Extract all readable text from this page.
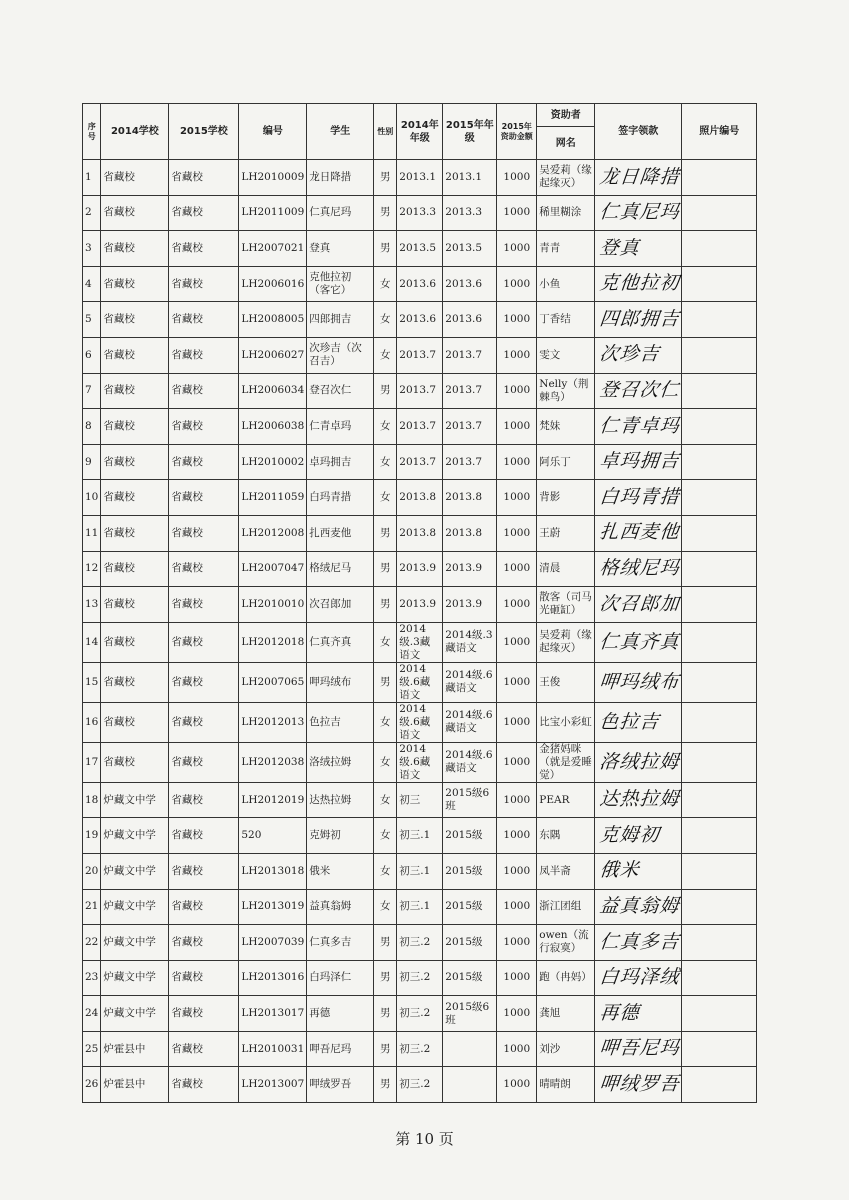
序号	2014学校	2015学校	编号	学生	性别	2014年年级	2015年年级	2015年资助金额	资助者	签字领款	照片编号
									网名		
1	省藏校	省藏校	LH2010009	龙日降措	男	2013.1	2013.1	1000	吴爱莉（缘起缘灭）	龙日降措	
2	省藏校	省藏校	LH2011009	仁真尼玛	男	2013.3	2013.3	1000	稀里糊涂	仁真尼玛	
3	省藏校	省藏校	LH2007021	登真	男	2013.5	2013.5	1000	青青	登真	
4	省藏校	省藏校	LH2006016	克他拉初（客它）	女	2013.6	2013.6	1000	小鱼	克他拉初	
5	省藏校	省藏校	LH2008005	四郎拥吉	女	2013.6	2013.6	1000	丁香结	四郎拥吉	
6	省藏校	省藏校	LH2006027	次珍吉（次召吉）	女	2013.7	2013.7	1000	雯文	次珍吉	
7	省藏校	省藏校	LH2006034	登召次仁	男	2013.7	2013.7	1000	Nelly（荆棘鸟）	登召次仁	
8	省藏校	省藏校	LH2006038	仁青卓玛	女	2013.7	2013.7	1000	梵妹	仁青卓玛	
9	省藏校	省藏校	LH2010002	卓玛拥吉	女	2013.7	2013.7	1000	阿乐丁	卓玛拥吉	
10	省藏校	省藏校	LH2011059	白玛青措	女	2013.8	2013.8	1000	背影	白玛青措	
11	省藏校	省藏校	LH2012008	扎西麦他	男	2013.8	2013.8	1000	王蔚	扎西麦他	
12	省藏校	省藏校	LH2007047	格绒尼马	男	2013.9	2013.9	1000	清晨	格绒尼玛	
13	省藏校	省藏校	LH2010010	次召郎加	男	2013.9	2013.9	1000	散客（司马光砸缸）	次召郎加	
14	省藏校	省藏校	LH2012018	仁真齐真	女	2014级.3藏语文	2014级.3藏语文	1000	吴爱莉（缘起缘灭）	仁真齐真	
15	省藏校	省藏校	LH2007065	呷玛绒布	男	2014级.6藏语文	2014级.6藏语文	1000	王俊	呷玛绒布	
16	省藏校	省藏校	LH2012013	色拉吉	女	2014级.6藏语文	2014级.6藏语文	1000	比宝小彩虹	色拉吉	
17	省藏校	省藏校	LH2012038	洛绒拉姆	女	2014级.6藏语文	2014级.6藏语文	1000	金猪妈咪（就是爱睡觉）	洛绒拉姆	
18	炉藏文中学	省藏校	LH2012019	达热拉姆	女	初三	2015级6班	1000	PEAR	达热拉姆	
19	炉藏文中学	省藏校	520	克姆初	女	初三.1	2015级	1000	东隅	克姆初	
20	炉藏文中学	省藏校	LH2013018	俄米	女	初三.1	2015级	1000	凤半斋	俄米	
21	炉藏文中学	省藏校	LH2013019	益真翁姆	女	初三.1	2015级	1000	浙江团组	益真翁姆	
22	炉藏文中学	省藏校	LH2007039	仁真多吉	男	初三.2	2015级	1000	owen（流行寂寞）	仁真多吉	
23	炉藏文中学	省藏校	LH2013016	白玛泽仁	男	初三.2	2015级	1000	跑（冉妈）	白玛泽绒	
24	炉藏文中学	省藏校	LH2013017	再德	男	初三.2	2015级6班	1000	龚旭	再德	
25	炉霍县中	省藏校	LH2010031	呷吾尼玛	男	初三.2		1000	刘沙	呷吾尼玛	
26	炉霍县中	省藏校	LH2013007	呷绒罗吾	男	初三.2		1000	晴晴朗	呷绒罗吾	
第 10 页
